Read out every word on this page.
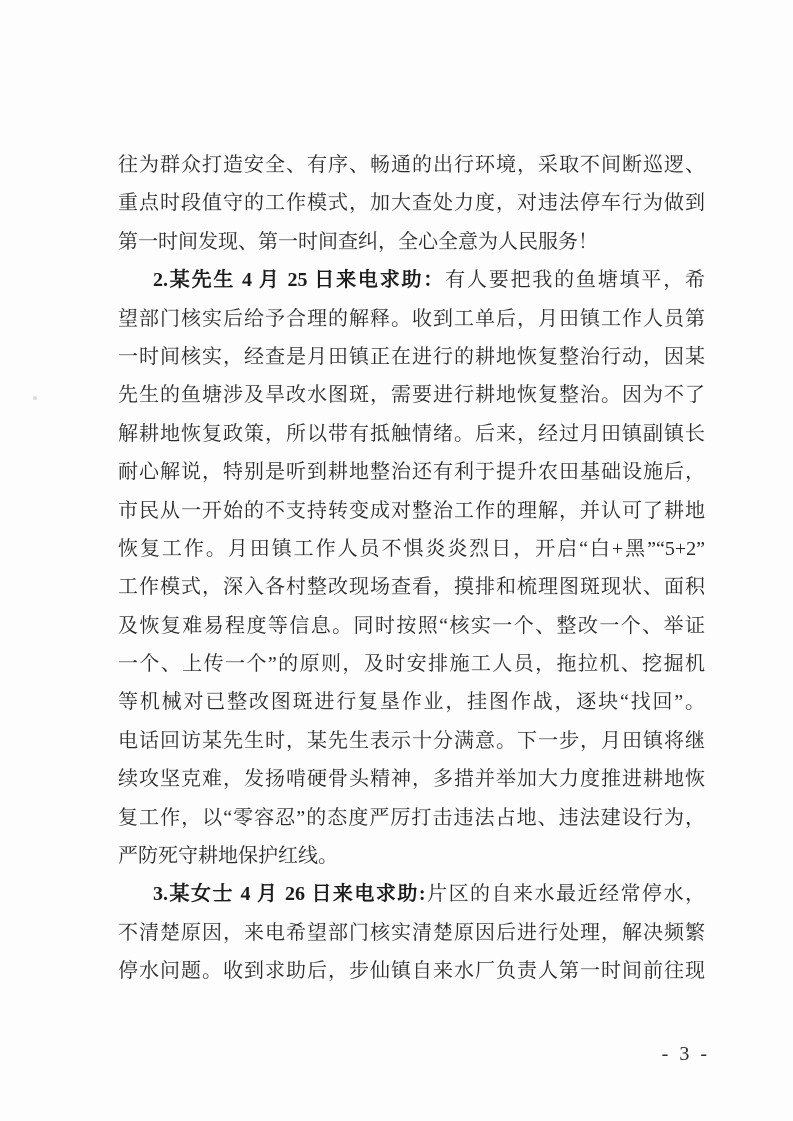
往为群众打造安全、有序、畅通的出行环境，采取不间断巡逻、
重点时段值守的工作模式，加大查处力度，对违法停车行为做到
第一时间发现、第一时间查纠，全心全意为人民服务！
2.某先生 4 月 25 日来电求助：有人要把我的鱼塘填平，希
望部门核实后给予合理的解释。收到工单后，月田镇工作人员第
一时间核实，经查是月田镇正在进行的耕地恢复整治行动，因某
先生的鱼塘涉及旱改水图斑，需要进行耕地恢复整治。因为不了
解耕地恢复政策，所以带有抵触情绪。后来，经过月田镇副镇长
耐心解说，特别是听到耕地整治还有利于提升农田基础设施后，
市民从一开始的不支持转变成对整治工作的理解，并认可了耕地
恢复工作。月田镇工作人员不惧炎炎烈日，开启“白+黑”“5+2”
工作模式，深入各村整改现场查看，摸排和梳理图斑现状、面积
及恢复难易程度等信息。同时按照“核实一个、整改一个、举证
一个、上传一个”的原则，及时安排施工人员，拖拉机、挖掘机
等机械对已整改图斑进行复垦作业，挂图作战，逐块“找回”。
电话回访某先生时，某先生表示十分满意。下一步，月田镇将继
续攻坚克难，发扬啃硬骨头精神，多措并举加大力度推进耕地恢
复工作，以“零容忍”的态度严厉打击违法占地、违法建设行为，
严防死守耕地保护红线。
3.某女士 4 月 26 日来电求助:片区的自来水最近经常停水，
不清楚原因，来电希望部门核实清楚原因后进行处理，解决频繁
停水问题。收到求助后，步仙镇自来水厂负责人第一时间前往现
- 3 -
